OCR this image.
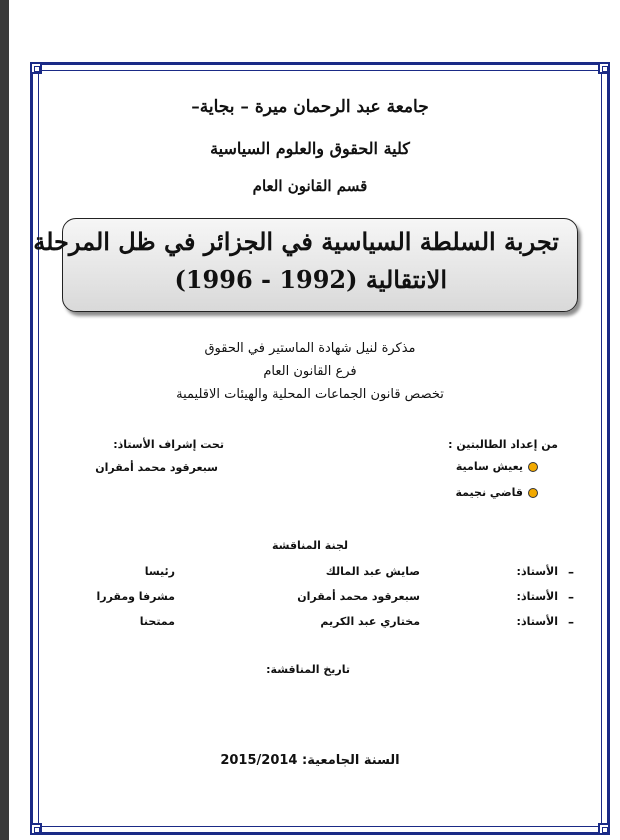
جامعة عبد الرحمان ميرة – بجاية–
كلية الحقوق والعلوم السياسية
قسم القانون العام
تجربة السلطة السياسية في الجزائر في ظل المرحلة
الانتقالية (1992 - 1996)
مذكرة لنيل شهادة الماستير في الحقوق
فرع القانون العام
تخصص قانون الجماعات المحلية والهيئات الاقليمية
من إعداد الطالبتين :
يعيش سامية
قاضي نجيمة
تحت إشراف الأستاذ:
سبعرقود محمد أمقران
لجنة المناقشة
–
الأستاذ:
صايش عبد المالك
رئيسا
–
الأستاذ:
سبعرقود محمد أمقران
مشرفا ومقررا
–
الأستاذ:
مختاري عبد الكريم
ممتحنا
تاريخ المناقشة:
السنة الجامعية: 2015/2014
